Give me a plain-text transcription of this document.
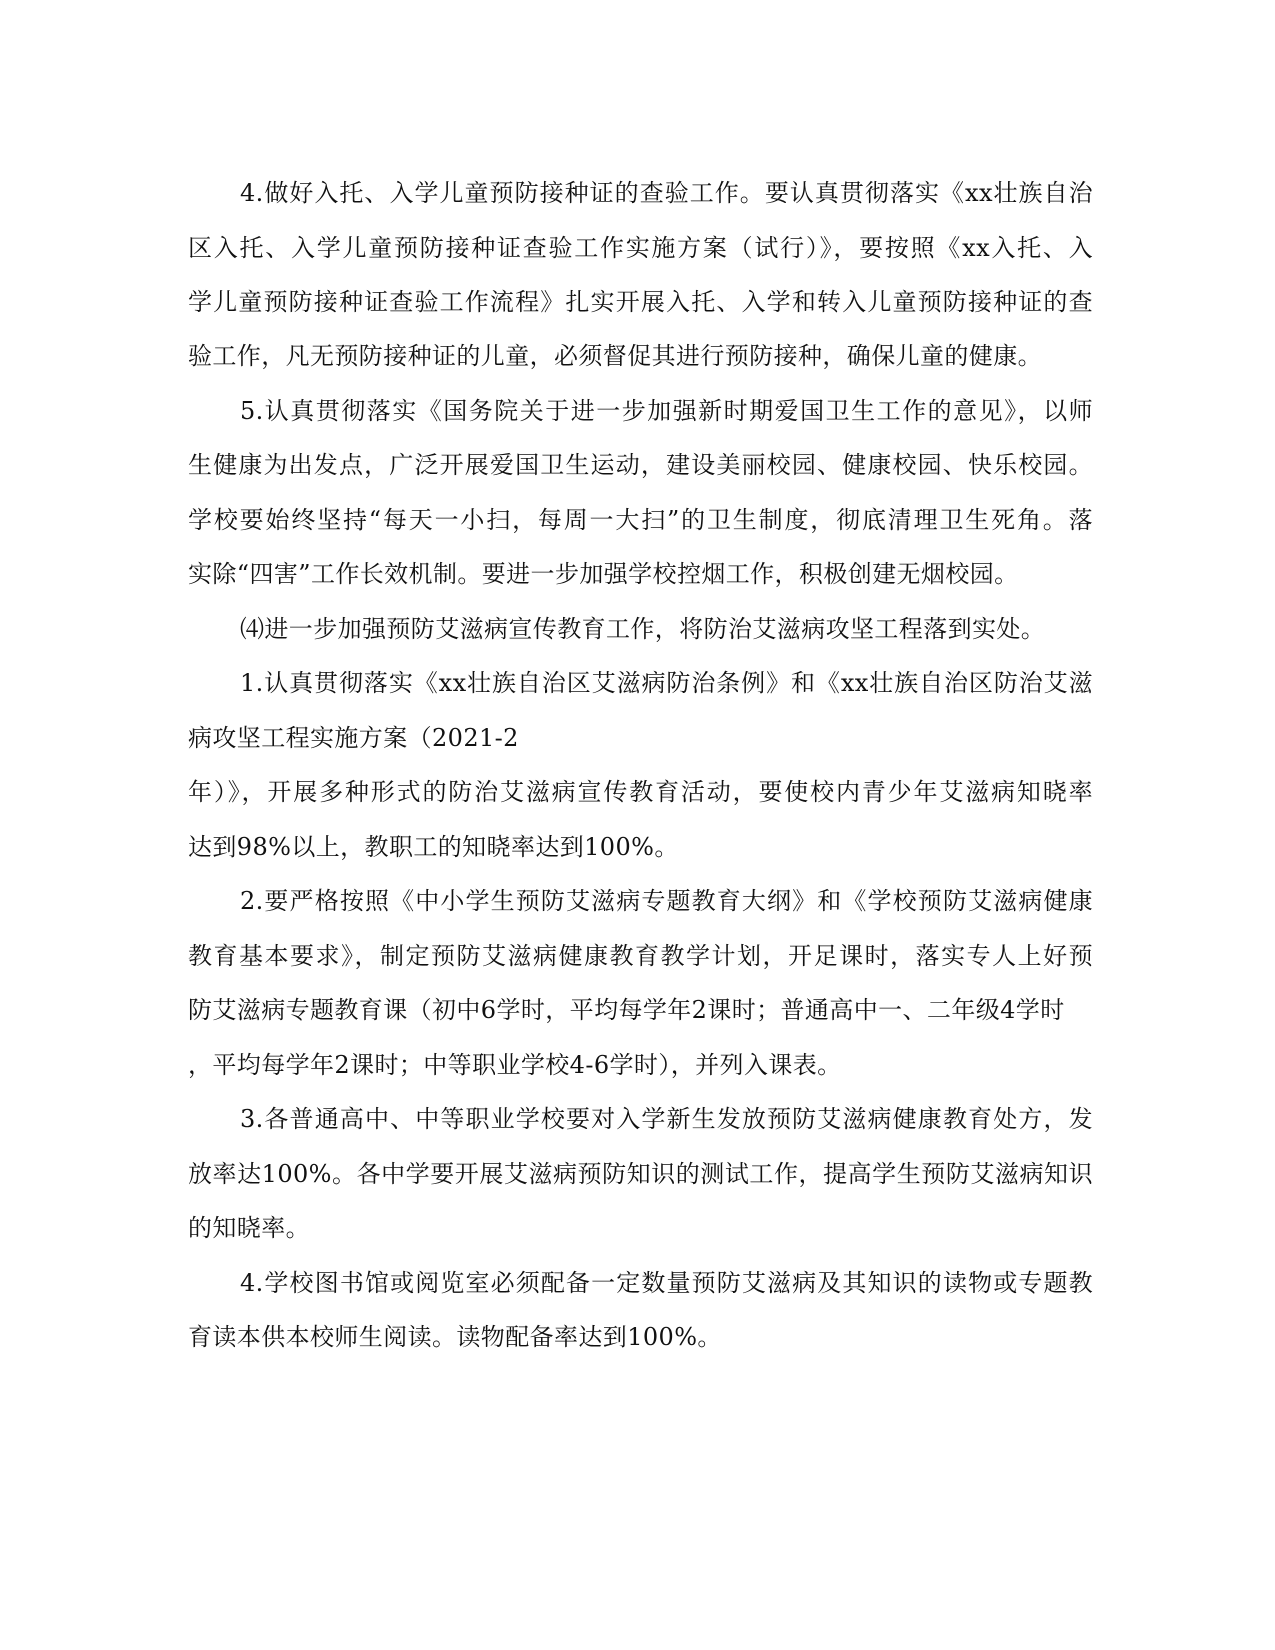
4.做好入托、入学儿童预防接种证的查验工作。要认真贯彻落实《xx壮族自治
区入托、入学儿童预防接种证查验工作实施方案（试行）》，要按照《xx入托、入
学儿童预防接种证查验工作流程》扎实开展入托、入学和转入儿童预防接种证的查
验工作，凡无预防接种证的儿童，必须督促其进行预防接种，确保儿童的健康。
5.认真贯彻落实《国务院关于进一步加强新时期爱国卫生工作的意见》，以师
生健康为出发点，广泛开展爱国卫生运动，建设美丽校园、健康校园、快乐校园。
学校要始终坚持“每天一小扫，每周一大扫”的卫生制度，彻底清理卫生死角。落
实除“四害”工作长效机制。要进一步加强学校控烟工作，积极创建无烟校园。
⑷进一步加强预防艾滋病宣传教育工作，将防治艾滋病攻坚工程落到实处。
1.认真贯彻落实《xx壮族自治区艾滋病防治条例》和《xx壮族自治区防治艾滋
病攻坚工程实施方案（2021-2
年）》，开展多种形式的防治艾滋病宣传教育活动，要使校内青少年艾滋病知晓率
达到98%以上，教职工的知晓率达到100%。
2.要严格按照《中小学生预防艾滋病专题教育大纲》和《学校预防艾滋病健康
教育基本要求》，制定预防艾滋病健康教育教学计划，开足课时，落实专人上好预
防艾滋病专题教育课（初中6学时，平均每学年2课时；普通高中一、二年级4学时
，平均每学年2课时；中等职业学校4-6学时），并列入课表。
3.各普通高中、中等职业学校要对入学新生发放预防艾滋病健康教育处方，发
放率达100%。各中学要开展艾滋病预防知识的测试工作，提高学生预防艾滋病知识
的知晓率。
4.学校图书馆或阅览室必须配备一定数量预防艾滋病及其知识的读物或专题教
育读本供本校师生阅读。读物配备率达到100%。
